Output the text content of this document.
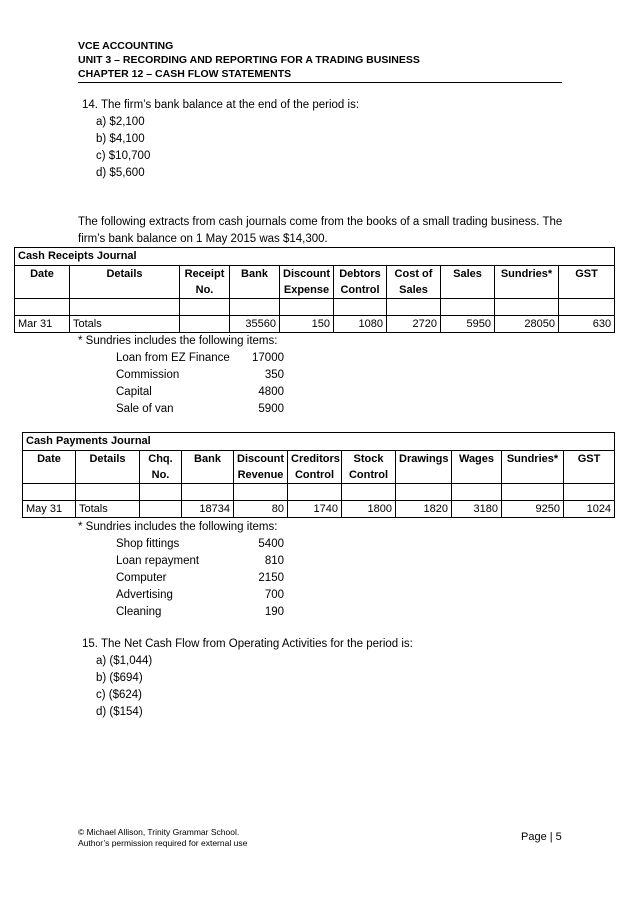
VCE ACCOUNTING
UNIT 3 – RECORDING AND REPORTING FOR A TRADING BUSINESS
CHAPTER 12 – CASH FLOW STATEMENTS
14. The firm’s bank balance at the end of the period is:
a) $2,100
b) $4,100
c) $10,700
d) $5,600
The following extracts from cash journals come from the books of a small trading business. The
firm’s bank balance on 1 May 2015 was $14,300.
Cash Receipts Journal									
Date	Details	Receipt	Bank	Discount	Debtors	Cost of	Sales	Sundries*	GST
		No.		Expense	Control	Sales			

Mar 31	Totals		35560	150	1080	2720	5950	28050	630
* Sundries includes the following items:
Loan from EZ Finance	17000
Commission	350
Capital	4800
Sale of van	5900
Cash Payments Journal										
Date	Details	Chq.	Bank	Discount	Creditors	Stock	Drawings	Wages	Sundries*	GST
		No.		Revenue	Control	Control				

May 31	Totals		18734	80	1740	1800	1820	3180	9250	1024
* Sundries includes the following items:
Shop fittings	5400
Loan repayment	810
Computer	2150
Advertising	700
Cleaning	190
15. The Net Cash Flow from Operating Activities for the period is:
a) ($1,044)
b) ($694)
c) ($624)
d) ($154)
© Michael Allison, Trinity Grammar School.
Author’s permission required for external use	Page | 5
